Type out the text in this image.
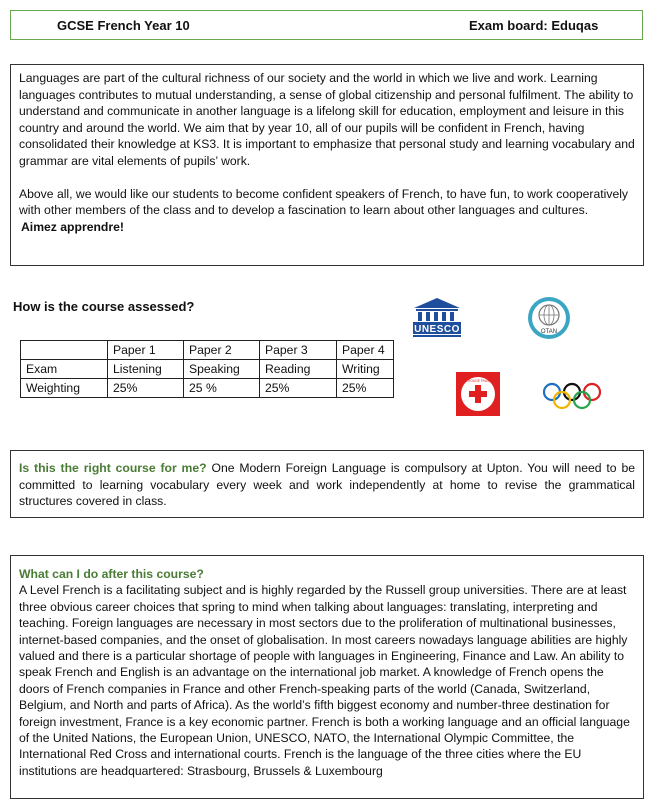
GCSE French Year 10	Exam board: Eduqas

Languages are part of the cultural richness of our society and the world in which we live and work. Learning languages contributes to mutual understanding, a sense of global citizenship and personal fulfilment. The ability to understand and communicate in another language is a lifelong skill for education, employment and leisure in this country and around the world. We aim that by year 10, all of our pupils will be confident in French, having consolidated their knowledge at KS3. It is important to emphasize that personal study and learning vocabulary and grammar are vital elements of pupils’ work.

Above all, we would like our students to become confident speakers of French, to have fun, to work cooperatively with other members of the class and to develop a fascination to learn about other languages and cultures.

Aimez apprendre!
How is the course assessed?
	Paper 1	Paper 2	Paper 3	Paper 4
Exam	Listening	Speaking	Reading	Writing
Weighting	25%	25 %	25%	25%
UNESCO	OTAN
CROIX-ROUGE FRANÇAISE
Is this the right course for me? One Modern Foreign Language is compulsory at Upton. You will need to be committed to learning vocabulary every week and work independently at home to revise the grammatical structures covered in class.
What can I do after this course?
A Level French is a facilitating subject and is highly regarded by the Russell group universities. There are at least three obvious career choices that spring to mind when talking about languages: translating, interpreting and teaching. Foreign languages are necessary in most sectors due to the proliferation of multinational businesses, internet-based companies, and the onset of globalisation. In most careers nowadays language abilities are highly valued and there is a particular shortage of people with languages in Engineering, Finance and Law. An ability to speak French and English is an advantage on the international job market. A knowledge of French opens the doors of French companies in France and other French-speaking parts of the world (Canada, Switzerland, Belgium, and North and parts of Africa). As the world’s fifth biggest economy and number-three destination for foreign investment, France is a key economic partner. French is both a working language and an official language of the United Nations, the European Union, UNESCO, NATO, the International Olympic Committee, the International Red Cross and international courts. French is the language of the three cities where the EU institutions are headquartered: Strasbourg, Brussels & Luxembourg
